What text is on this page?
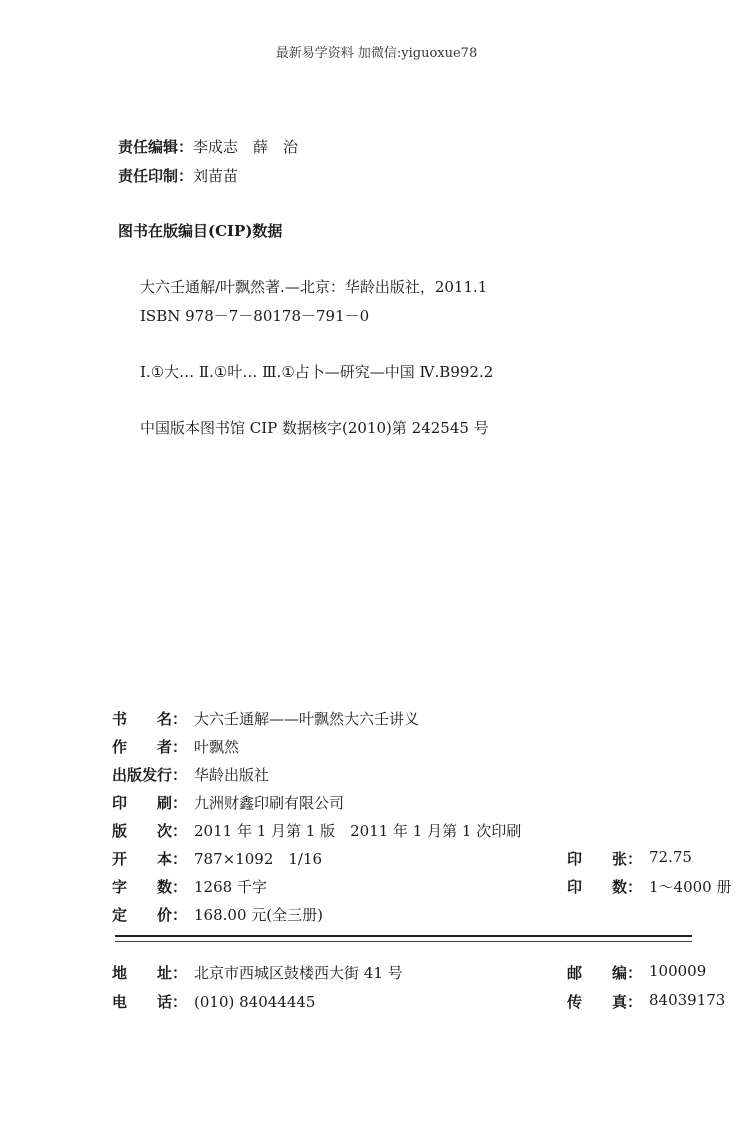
最新易学资料 加微信:yiguoxue78
责任编辑：李成志　薛　治
责任印制：刘苗苗
图书在版编目(CIP)数据
大六壬通解/叶飘然著.—北京：华龄出版社，2011.1
ISBN 978－7－80178－791－0
Ⅰ.①大… Ⅱ.①叶… Ⅲ.①占卜—研究—中国 Ⅳ.B992.2
中国版本图书馆 CIP 数据核字(2010)第 242545 号
书　　名： 大六壬通解——叶飘然大六壬讲义
作　　者： 叶飘然
出版发行： 华龄出版社
印　　刷： 九洲财鑫印刷有限公司
版　　次： 2011 年 1 月第 1 版　2011 年 1 月第 1 次印刷
开　　本： 787×1092　1/16	印　　张： 72.75
字　　数： 1268 千字	印　　数： 1～4000 册
定　　价： 168.00 元(全三册)
地　　址： 北京市西城区鼓楼西大街 41 号	邮　　编： 100009
电　　话： (010) 84044445	传　　真： 84039173
